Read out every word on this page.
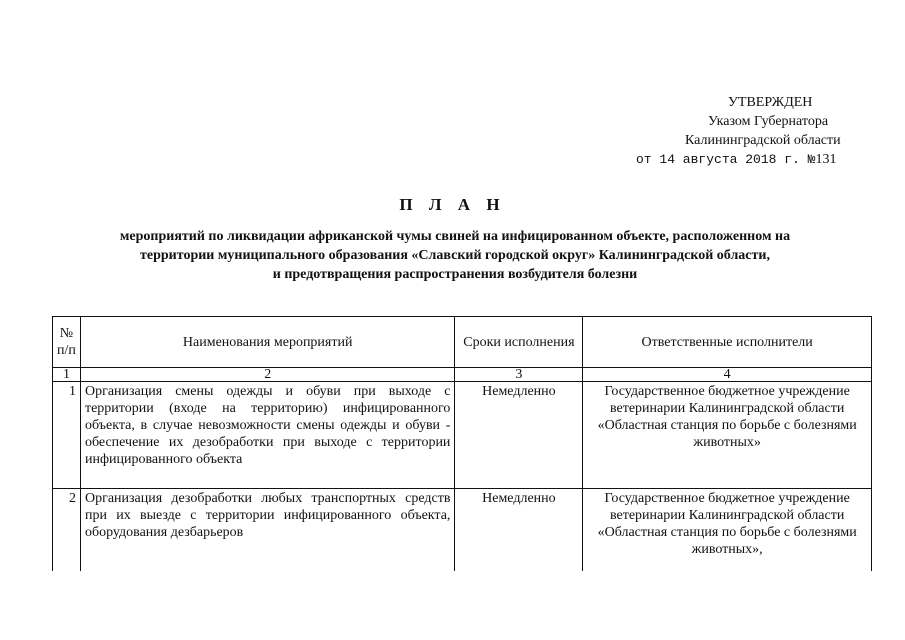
УТВЕРЖДЕН
Указом Губернатора
Калининградской области
от 14 августа 2018 г. №131
П Л А Н
мероприятий по ликвидации африканской чумы свиней на инфицированном объекте, расположенном на
территории муниципального образования «Славский городской округ» Калининградской области,
и предотвращения распространения возбудителя болезни
№ п/п	Наименования мероприятий	Сроки исполнения	Ответственные исполнители
1	2	3	4
1	Организация смены одежды и обуви при выходе с территории (входе на территорию) инфицированного объекта, в случае невозможности смены одежды и обуви - обеспечение их дезобработки при выходе с территории инфицированного объекта	Немедленно	Государственное бюджетное учреждение ветеринарии Калининградской области «Областная станция по борьбе с болезнями животных»
2	Организация дезобработки любых транспортных средств при их выезде с территории инфицированного объекта, оборудования дезбарьеров	Немедленно	Государственное бюджетное учреждение ветеринарии Калининградской области «Областная станция по борьбе с болезнями животных»,
